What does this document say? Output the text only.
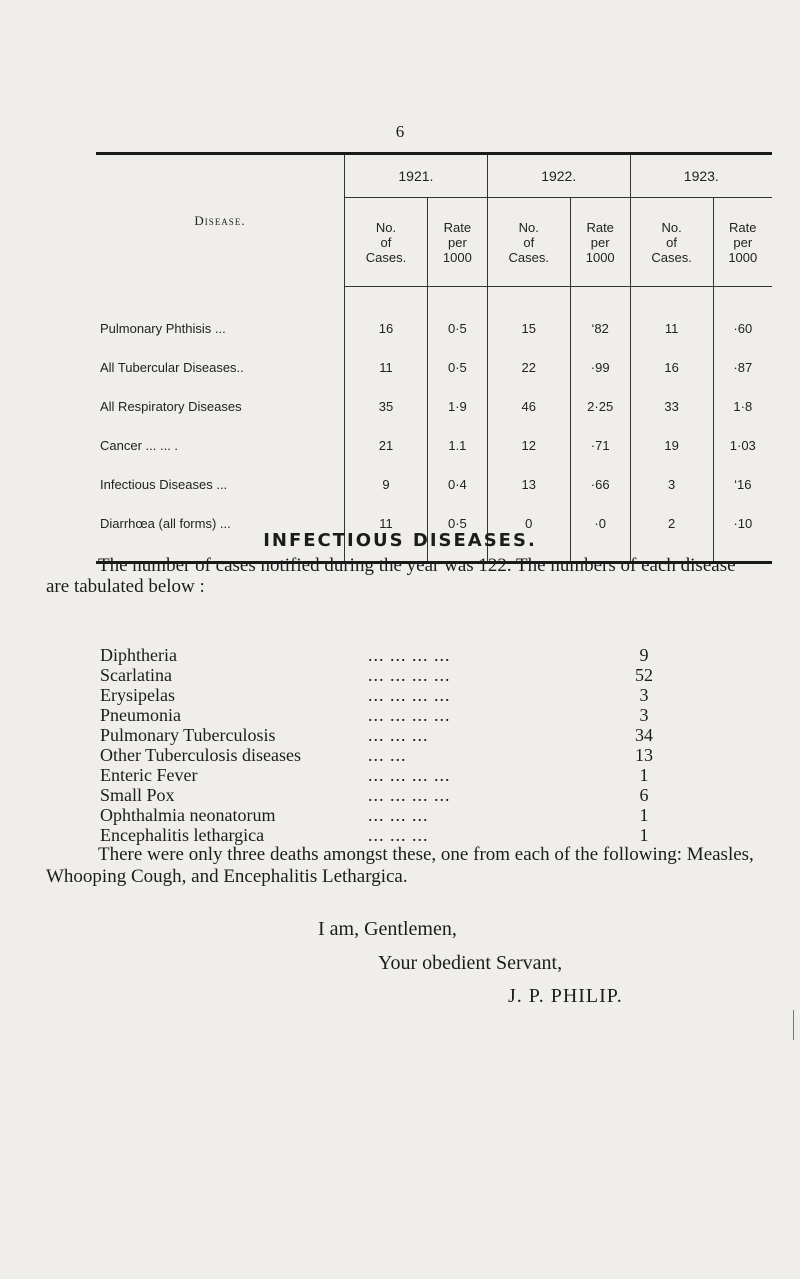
6
Disease.	1921.		1922.		1923.	
	No.
of
Cases.	Rate
per
1000	No.
of
Cases.	Rate
per
1000	No.
of
Cases.	Rate
per
1000
Pulmonary Phthisis ...	16	0·5	15	‘82	11	·60
All Tubercular Diseases..	11	0·5	22	·99	16	·87
All Respiratory Diseases	35	1·9	46	2·25	33	1·8
Cancer ... ... .	21	1.1	12	·71	19	1·03
Infectious Diseases ...	9	0·4	13	·66	3	‘16
Diarrhœa (all forms) ...	11	0·5	0	·0	2	·10
INFECTIOUS DISEASES.

The number of cases notified during the year was 122. The numbers of each disease are tabulated below :

Diphtheria	... ... ... ...	9
Scarlatina	... ... ... ...	52
Erysipelas	... ... ... ...	3
Pneumonia	... ... ... ...	3
Pulmonary Tuberculosis	... ... ...	34
Other Tuberculosis diseases	... ...	13
Enteric Fever	... ... ... ...	1
Small Pox	... ... ... ...	6
Ophthalmia neonatorum	... ... ...	1
Encephalitis lethargica	... ... ...	1

There were only three deaths amongst these, one from each of the following: Measles, Whooping Cough, and Encephalitis Lethargica.

I am, Gentlemen,
Your obedient Servant,
J. P. PHILIP.
